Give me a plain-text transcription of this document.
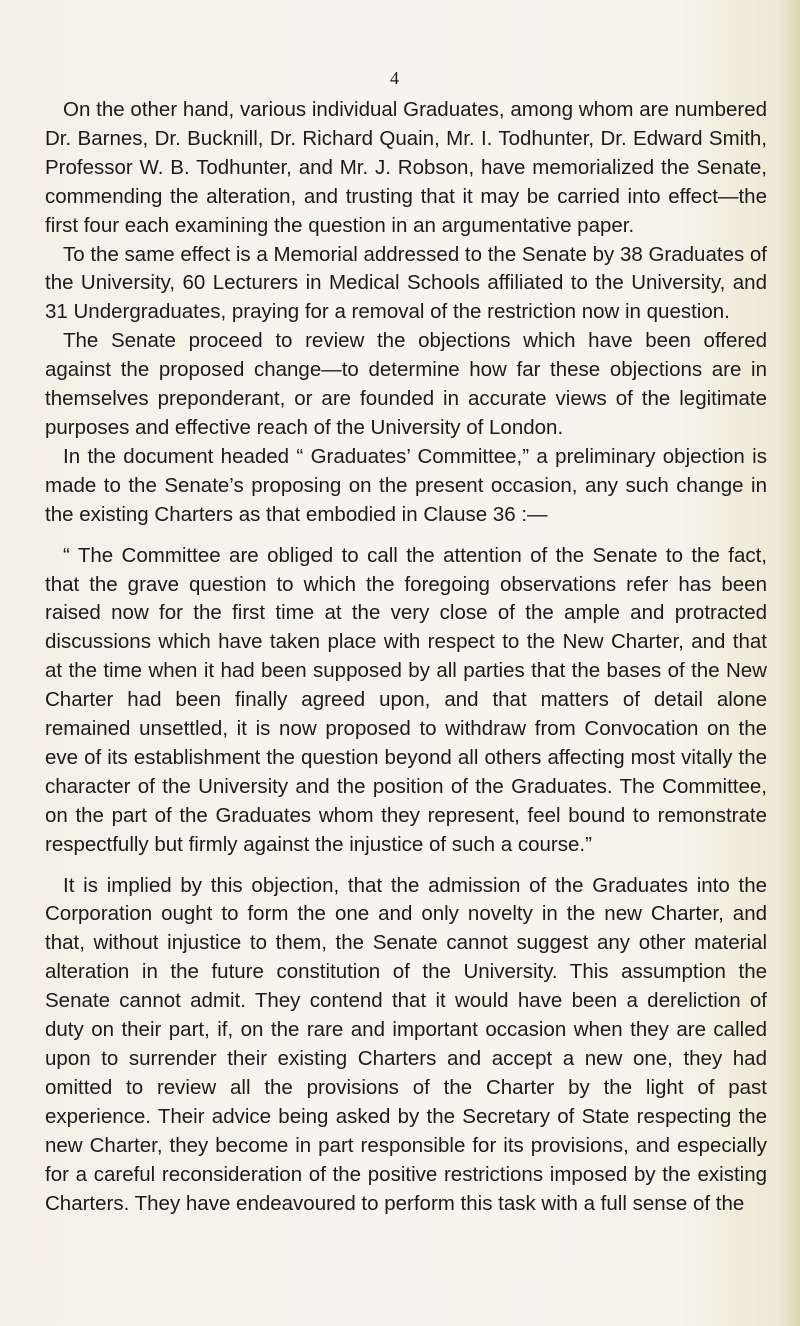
4

On the other hand, various individual Graduates, among whom are numbered Dr. Barnes, Dr. Bucknill, Dr. Richard Quain, Mr. I. Todhunter, Dr. Edward Smith, Professor W. B. Todhunter, and Mr. J. Robson, have memorialized the Senate, commending the alteration, and trusting that it may be carried into effect—the first four each examining the question in an argumentative paper.

To the same effect is a Memorial addressed to the Senate by 38 Graduates of the University, 60 Lecturers in Medical Schools affiliated to the University, and 31 Undergraduates, praying for a removal of the restriction now in question.

The Senate proceed to review the objections which have been offered against the proposed change—to determine how far these objections are in themselves preponderant, or are founded in accurate views of the legitimate purposes and effective reach of the University of London.

In the document headed “ Graduates’ Committee,” a preliminary objection is made to the Senate’s proposing on the present occasion, any such change in the existing Charters as that embodied in Clause 36 :—

“ The Committee are obliged to call the attention of the Senate to the fact, that the grave question to which the foregoing observations refer has been raised now for the first time at the very close of the ample and protracted discussions which have taken place with respect to the New Charter, and that at the time when it had been supposed by all parties that the bases of the New Charter had been finally agreed upon, and that matters of detail alone remained unsettled, it is now proposed to withdraw from Convocation on the eve of its establishment the question beyond all others affecting most vitally the character of the University and the position of the Graduates. The Committee, on the part of the Graduates whom they represent, feel bound to remonstrate respectfully but firmly against the injustice of such a course.”

It is implied by this objection, that the admission of the Graduates into the Corporation ought to form the one and only novelty in the new Charter, and that, without injustice to them, the Senate cannot suggest any other material alteration in the future constitution of the University. This assumption the Senate cannot admit. They contend that it would have been a dereliction of duty on their part, if, on the rare and important occasion when they are called upon to surrender their existing Charters and accept a new one, they had omitted to review all the provisions of the Charter by the light of past experience. Their advice being asked by the Secretary of State respecting the new Charter, they become in part responsible for its provisions, and especially for a careful reconsideration of the positive restrictions imposed by the existing Charters. They have endeavoured to perform this task with a full sense of the
